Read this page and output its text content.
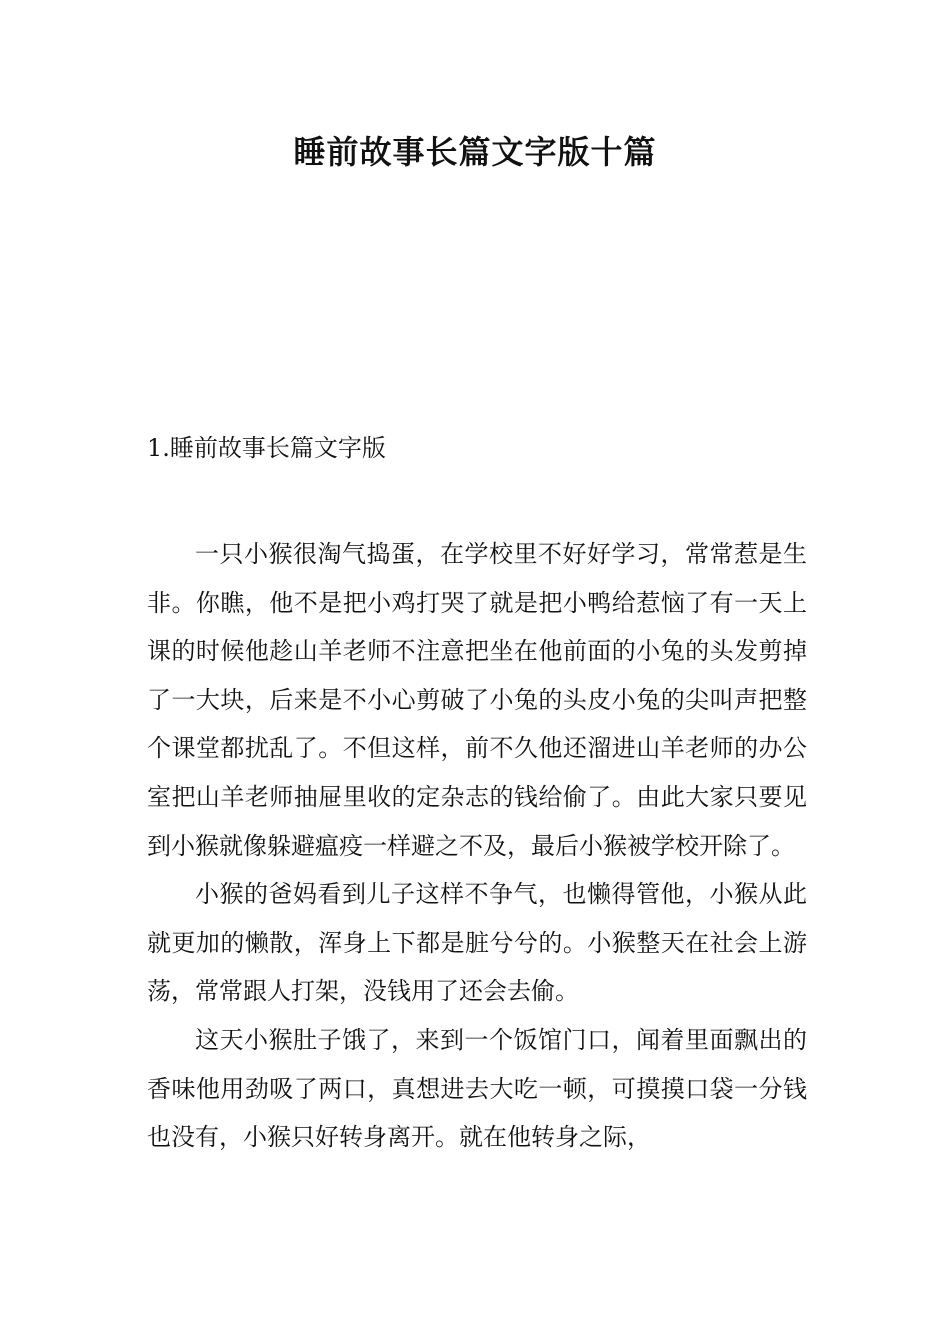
睡前故事长篇文字版十篇
1.睡前故事长篇文字版

一只小猴很淘气捣蛋，在学校里不好好学习，常常惹是生非。你瞧，他不是把小鸡打哭了就是把小鸭给惹恼了有一天上课的时候他趁山羊老师不注意把坐在他前面的小兔的头发剪掉了一大块，后来是不小心剪破了小兔的头皮小兔的尖叫声把整个课堂都扰乱了。不但这样，前不久他还溜进山羊老师的办公室把山羊老师抽屉里收的定杂志的钱给偷了。由此大家只要见到小猴就像躲避瘟疫一样避之不及，最后小猴被学校开除了。

小猴的爸妈看到儿子这样不争气，也懒得管他，小猴从此就更加的懒散，浑身上下都是脏兮兮的。小猴整天在社会上游荡，常常跟人打架，没钱用了还会去偷。

这天小猴肚子饿了，来到一个饭馆门口，闻着里面飘出的香味他用劲吸了两口，真想进去大吃一顿，可摸摸口袋一分钱也没有，小猴只好转身离开。就在他转身之际，
